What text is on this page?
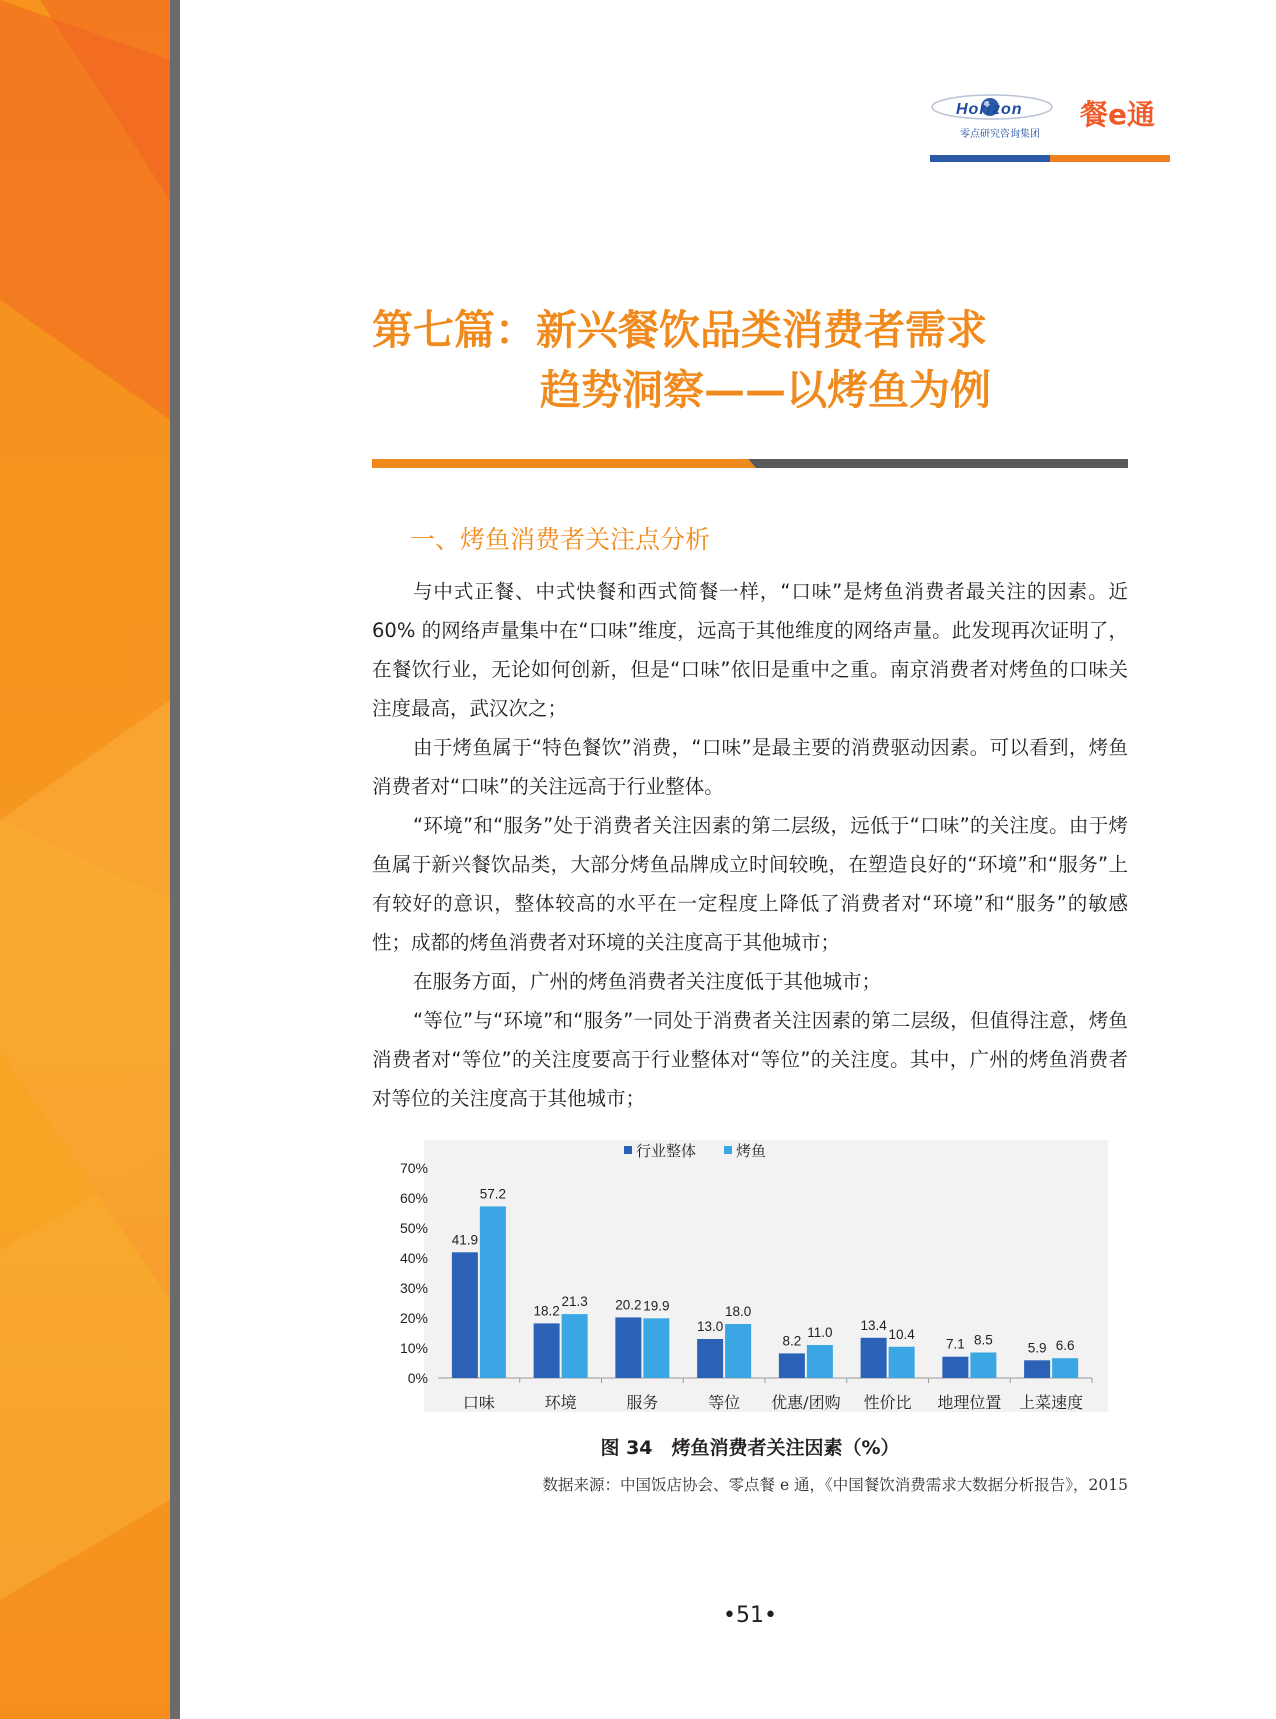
Horizon
零点研究咨询集团
餐e通
第七篇：新兴餐饮品类消费者需求
趋势洞察——以烤鱼为例
一、烤鱼消费者关注点分析

与中式正餐、中式快餐和西式简餐一样，“口味”是烤鱼消费者最关注的因素。近 60% 的网络声量集中在“口味”维度，远高于其他维度的网络声量。此发现再次证明了，在餐饮行业，无论如何创新，但是“口味”依旧是重中之重。南京消费者对烤鱼的口味关注度最高，武汉次之；

由于烤鱼属于“特色餐饮”消费，“口味”是最主要的消费驱动因素。可以看到，烤鱼消费者对“口味”的关注远高于行业整体。

“环境”和“服务”处于消费者关注因素的第二层级，远低于“口味”的关注度。由于烤鱼属于新兴餐饮品类，大部分烤鱼品牌成立时间较晚，在塑造良好的“环境”和“服务”上有较好的意识，整体较高的水平在一定程度上降低了消费者对“环境”和“服务”的敏感性；成都的烤鱼消费者对环境的关注度高于其他城市；

在服务方面，广州的烤鱼消费者关注度低于其他城市；

“等位”与“环境”和“服务”一同处于消费者关注因素的第二层级，但值得注意，烤鱼消费者对“等位”的关注度要高于行业整体对“等位”的关注度。其中，广州的烤鱼消费者对等位的关注度高于其他城市；

0%
10%
20%
30%
40%
50%
60%
70%
41.9
57.2
口味
18.2
21.3
环境
20.2 19.9
服务
13.0
18.0
等位
8.2
11.0
优惠/团购
13.4
10.4
性价比
7.1 8.5
地理位置
5.9 6.6
上菜速度
行业整体	烤鱼
图 34　烤鱼消费者关注因素（%）
数据来源：中国饭店协会、零点餐 e 通，《中国餐饮消费需求大数据分析报告》，2015
•51•
